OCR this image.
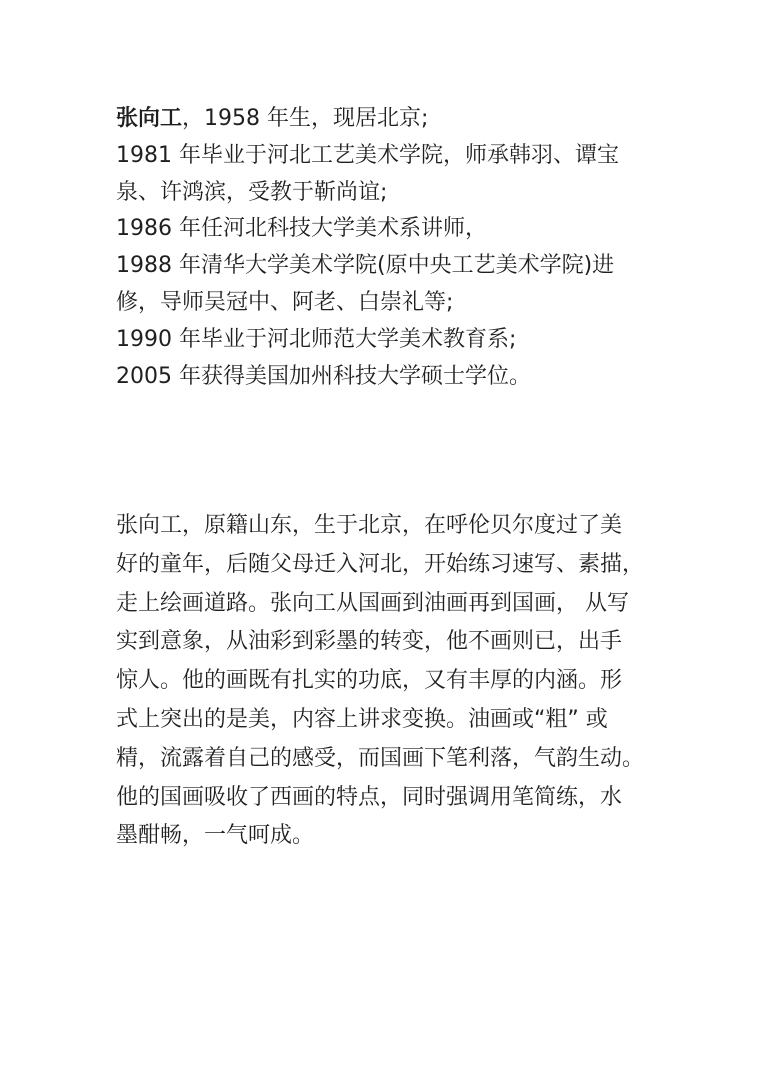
张向工，1958 年生，现居北京;

1981 年毕业于河北工艺美术学院，师承韩羽、谭宝

泉、许鸿滨，受教于靳尚谊;

1986 年任河北科技大学美术系讲师，

1988 年清华大学美术学院(原中央工艺美术学院)进

修，导师吴冠中、阿老、白崇礼等;

1990 年毕业于河北师范大学美术教育系;

2005 年获得美国加州科技大学硕士学位。

张向工，原籍山东，生于北京，在呼伦贝尔度过了美

好的童年，后随父母迁入河北，开始练习速写、素描，

走上绘画道路。张向工从国画到油画再到国画， 从写

实到意象，从油彩到彩墨的转变，他不画则已，出手

惊人。他的画既有扎实的功底，又有丰厚的内涵。形

式上突出的是美，内容上讲求变换。油画或“粗” 或

精，流露着自己的感受，而国画下笔利落，气韵生动。

他的国画吸收了西画的特点，同时强调用笔简练，水

墨酣畅，一气呵成。
